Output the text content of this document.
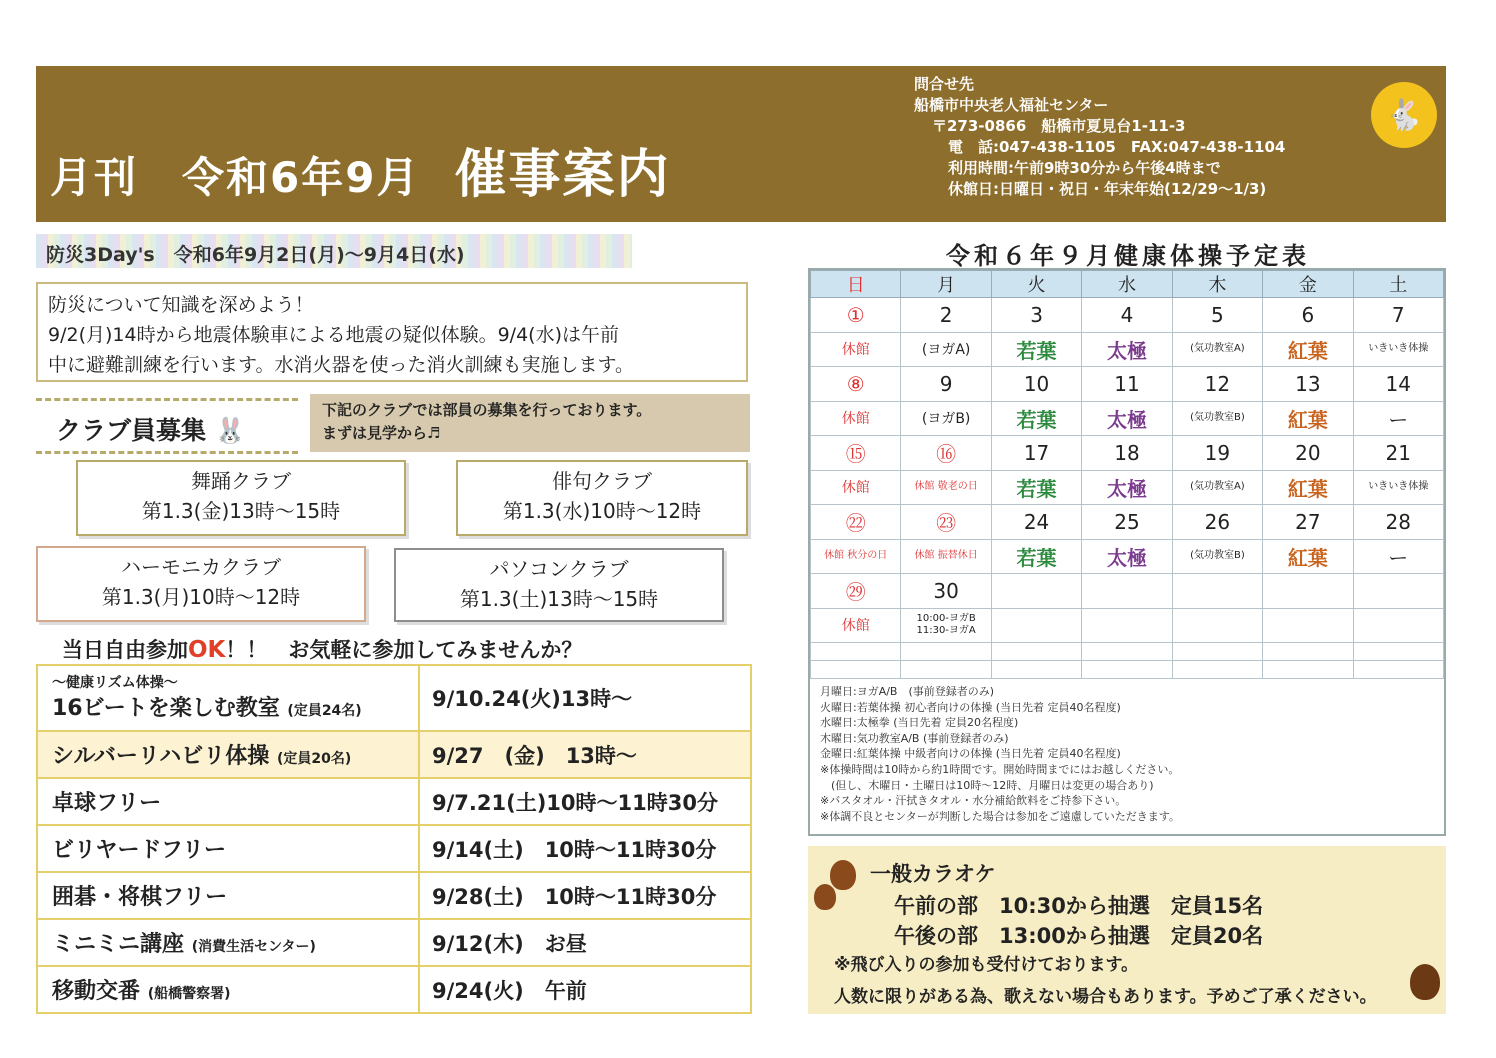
月刊　令和6年9月 催事案内
問合せ先
船橋市中央老人福祉センター
〒273-0866　船橋市夏見台1-11-3
電　話:047-438-1105　FAX:047-438-1104
利用時間:午前9時30分から午後4時まで
休館日:日曜日・祝日・年末年始(12/29～1/3)
🐇
防災3Day's　令和6年9月2日(月)～9月4日(水)
防災について知識を深めよう！
9/2(月)14時から地震体験車による地震の疑似体験。9/4(水)は午前
中に避難訓練を行います。水消火器を使った消火訓練も実施します。
クラブ員募集 🐰
下記のクラブでは部員の募集を行っております。
まずは見学から♬
舞踊クラブ
第1.3(金)13時～15時
俳句クラブ
第1.3(水)10時～12時
ハーモニカクラブ
第1.3(月)10時～12時
パソコンクラブ
第1.3(土)13時～15時
当日自由参加OK！！　お気軽に参加してみませんか？
～健康リズム体操～
16ビートを楽しむ教室 (定員24名)	9/10.24(火)13時～
シルバーリハビリ体操 (定員20名)	9/27　(金)　13時～
卓球フリー	9/7.21(土)10時～11時30分
ビリヤードフリー	9/14(土)　10時～11時30分
囲碁・将棋フリー	9/28(土)　10時～11時30分
ミニミニ講座 (消費生活センター)	9/12(木)　お昼
移動交番 (船橋警察署)	9/24(火)　午前
令和６年９月健康体操予定表
日	月	火	水	木	金	土
①	2	3	4	5	6	7
休館	(ヨガA)	若葉	太極	(気功教室A)	紅葉	いきいき体操
⑧	9	10	11	12	13	14
休館	(ヨガB)	若葉	太極	(気功教室B)	紅葉	ー
⑮	⑯	17	18	19	20	21
休館	休館 敬老の日	若葉	太極	(気功教室A)	紅葉	いきいき体操
㉒	㉓	24	25	26	27	28
休館 秋分の日	休館 振替休日	若葉	太極	(気功教室B)	紅葉	ー
㉙	30					
休館	10:00-ヨガB 11:30-ヨガA					

月曜日:ヨガA/B　(事前登録者のみ)
火曜日:若葉体操 初心者向けの体操 (当日先着 定員40名程度)
水曜日:太極拳 (当日先着 定員20名程度)
木曜日:気功教室A/B (事前登録者のみ)
金曜日:紅葉体操 中級者向けの体操 (当日先着 定員40名程度)
※体操時間は10時から約1時間です。開始時間までにはお越しください。
　(但し、木曜日・土曜日は10時～12時、月曜日は変更の場合あり)
※バスタオル・汗拭きタオル・水分補給飲料をご持参下さい。
※体調不良とセンターが判断した場合は参加をご遠慮していただきます。
一般カラオケ
午前の部　10:30から抽選　定員15名
午後の部　13:00から抽選　定員20名
※飛び入りの参加も受付けております。
人数に限りがある為、歌えない場合もあります。予めご了承ください。
